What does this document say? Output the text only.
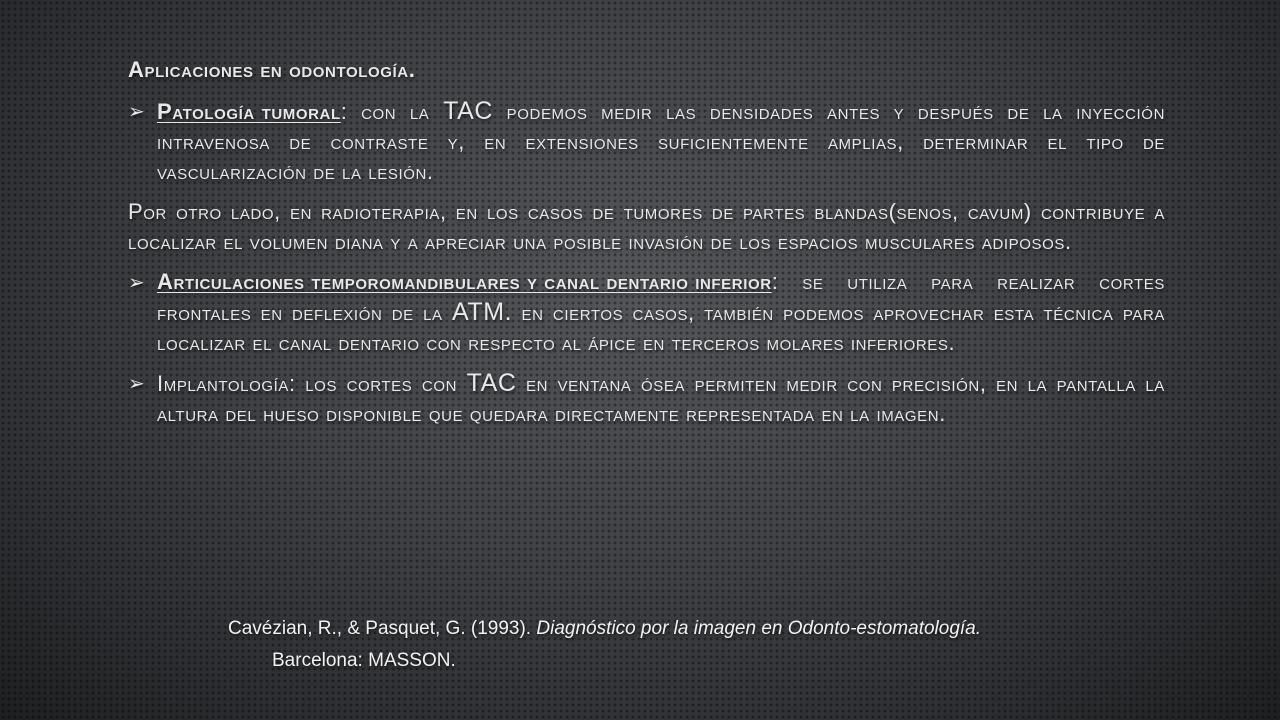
Aplicaciones en odontología.
➢ patología tumoral: con la TAC podemos medir las densidades antes y después de la inyección intravenosa de contraste y, en extensiones suficientemente amplias, determinar el tipo de vascularización de la lesión.
Por otro lado, en radioterapia, en los casos de tumores de partes blandas(senos, cavum) contribuye a localizar el volumen diana y a apreciar una posible invasión de los espacios musculares adiposos.
➢ articulaciones temporomandibulares y canal dentario inferior: se utiliza para realizar cortes frontales en deflexión de la ATM. en ciertos casos, también podemos aprovechar esta técnica para localizar el canal dentario con respecto al ápice en terceros molares inferiores.
➢ implantología: los cortes con TAC en ventana ósea permiten medir con precisión, en la pantalla la altura del hueso disponible que quedara directamente representada en la imagen.
Cavézian, R., & Pasquet, G. (1993). Diagnóstico por la imagen en Odonto-estomatología.
Barcelona: MASSON.
